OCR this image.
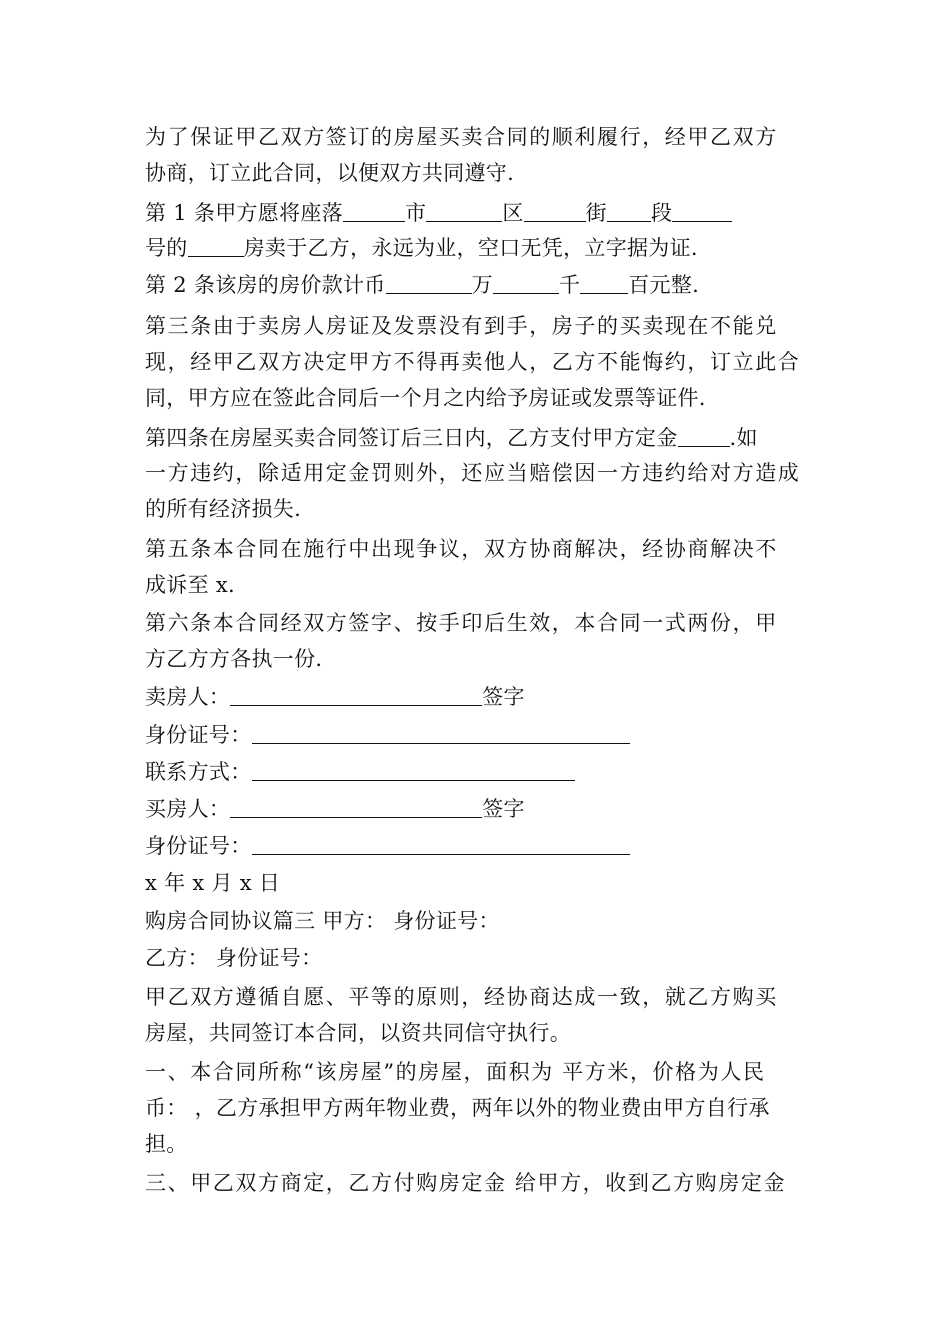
为了保证甲乙双方签订的房屋买卖合同的顺利履行，经甲乙双方
协商，订立此合同，以便双方共同遵守.
第 1 条甲方愿将座落	市	区	街 段
号的	房卖于乙方，永远为业，空口无凭，立字据为证.
第 2 条该房的房价款计币	万	千 百元整.
第三条由于卖房人房证及发票没有到手，房子的买卖现在不能兑
现，经甲乙双方决定甲方不得再卖他人，乙方不能悔约，订立此合
同，甲方应在签此合同后一个月之内给予房证或发票等证件.
第四条在房屋买卖合同签订后三日内，乙方支付甲方定金 .如
一方违约，除适用定金罚则外，还应当赔偿因一方违约给对方造成
的所有经济损失.
第五条本合同在施行中出现争议，双方协商解决，经协商解决不
成诉至 x.
第六条本合同经双方签字、按手印后生效，本合同一式两份，甲
方乙方方各执一份.
卖房人：	签字
身份证号：
联系方式：
买房人：	签字
身份证号：
x 年 x 月 x 日
购房合同协议篇三 甲方： 身份证号：
乙方： 身份证号：
甲乙双方遵循自愿、平等的原则，经协商达成一致，就乙方购买
房屋，共同签订本合同，以资共同信守执行。
一、本合同所称“该房屋”的房屋，面积为 平方米，价格为人民
币： ，乙方承担甲方两年物业费，两年以外的物业费由甲方自行承
担。
三、甲乙双方商定，乙方付购房定金 给甲方，收到乙方购房定金
